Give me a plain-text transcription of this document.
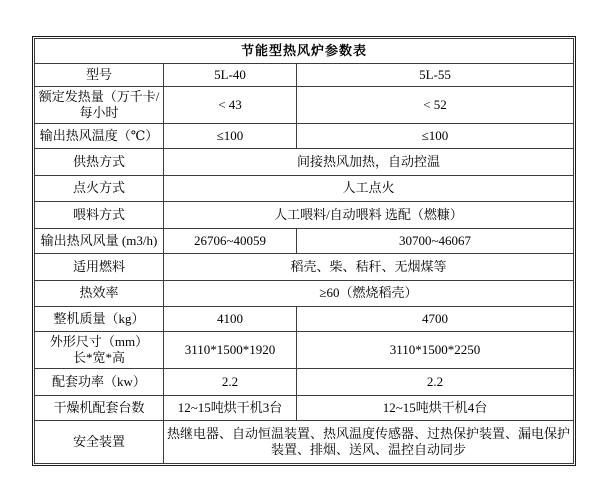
节能型热风炉参数表		
型号	5L-40	5L-55
额定发热量（万千卡/
每小时	< 43	< 52
输出热风温度（℃）	≤100	≤100
供热方式	间接热风加热，自动控温	
点火方式	人工点火	
喂料方式	人工喂料/自动喂料 选配（燃糠）	
输出热风风量 (m3/h)	26706~40059	30700~46067
适用燃料	稻壳、柴、秸秆、无烟煤等	
热效率	≥60（燃烧稻壳）	
整机质量（kg）	4100	4700
外形尺寸（mm）
长*宽*高	3110*1500*1920	3110*1500*2250
配套功率（kw）	2.2	2.2
干燥机配套台数	12~15吨烘干机3台	12~15吨烘干机4台
安全装置	热继电器、自动恒温装置、热风温度传感器、过热保护装置、漏电保护装置、排烟、送风、温控自动同步	
